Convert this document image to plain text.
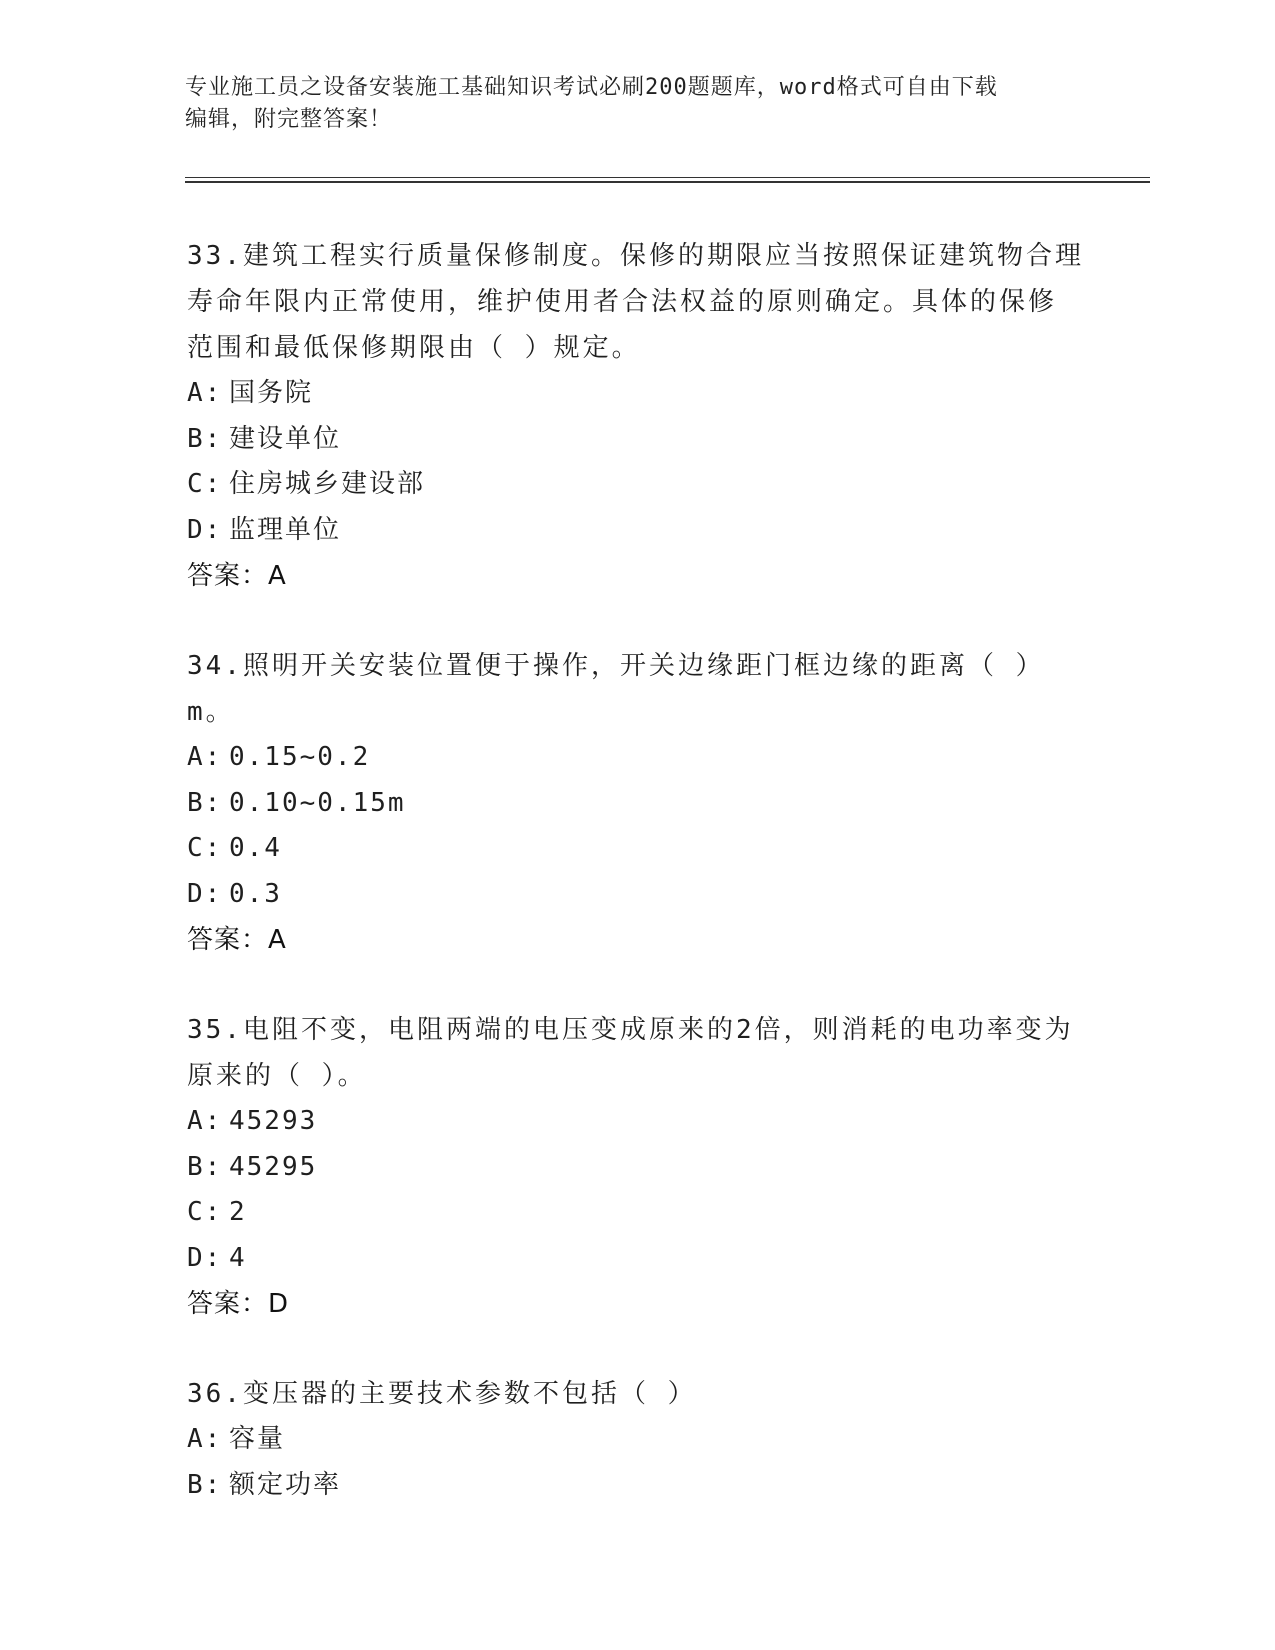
专业施工员之设备安装施工基础知识考试必刷200题题库，word格式可自由下载
编辑，附完整答案！
33.建筑工程实行质量保修制度。保修的期限应当按照保证建筑物合理
寿命年限内正常使用，维护使用者合法权益的原则确定。具体的保修
范围和最低保修期限由（ ）规定。
A: 国务院
B: 建设单位
C: 住房城乡建设部
D: 监理单位
答案：A
34.照明开关安装位置便于操作，开关边缘距门框边缘的距离（ ）m。
A: 0.15~0.2
B: 0.10~0.15m
C: 0.4
D: 0.3
答案：A
35.电阻不变，电阻两端的电压变成原来的2倍，则消耗的电功率变为
原来的（ ）。
A: 45293
B: 45295
C: 2
D: 4
答案：D
36.变压器的主要技术参数不包括（ ）
A: 容量
B: 额定功率
